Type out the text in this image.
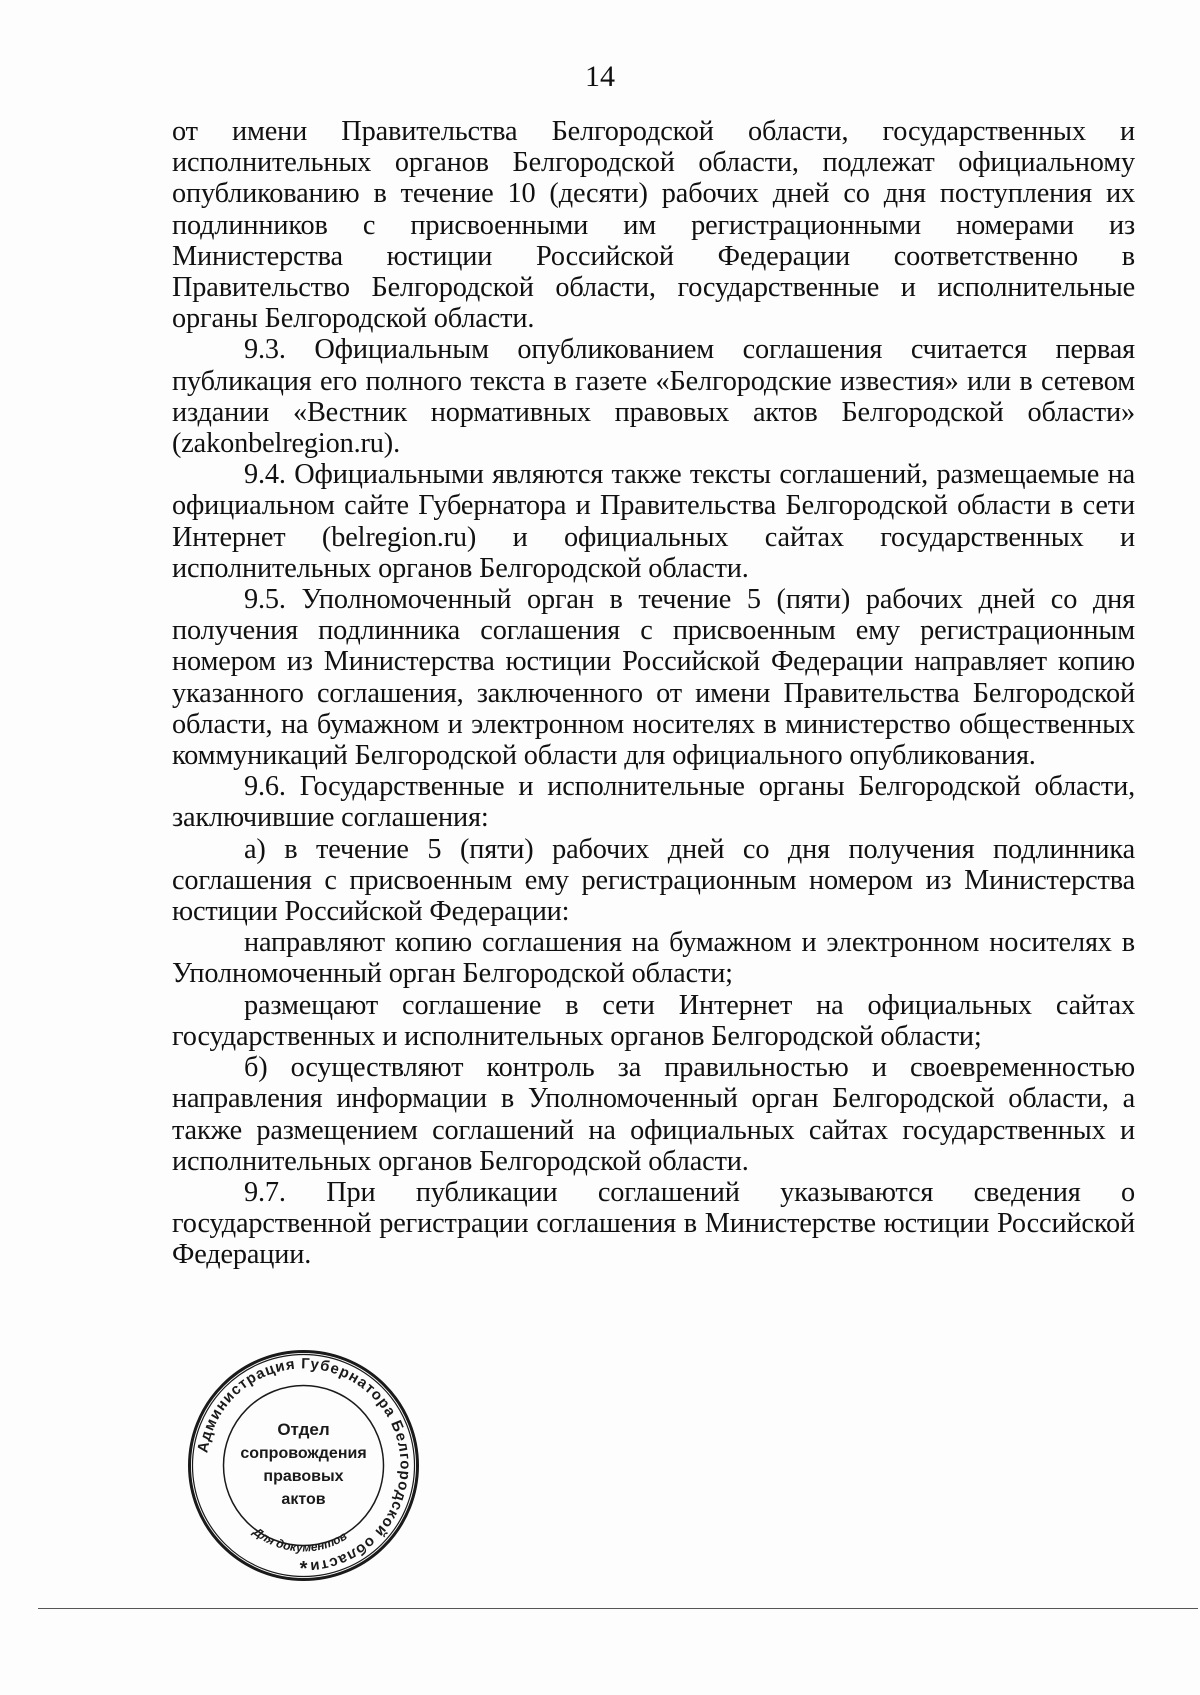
14

от имени Правительства Белгородской области, государственных и исполнительных органов Белгородской области, подлежат официальному опубликованию в течение 10 (десяти) рабочих дней со дня поступления их подлинников с присвоенными им регистрационными номерами из Министерства юстиции Российской Федерации соответственно в Правительство Белгородской области, государственные и исполнительные органы Белгородской области.

9.3. Официальным опубликованием соглашения считается первая публикация его полного текста в газете «Белгородские известия» или в сетевом издании «Вестник нормативных правовых актов Белгородской области» (zakonbelregion.ru).

9.4. Официальными являются также тексты соглашений, размещаемые на официальном сайте Губернатора и Правительства Белгородской области в сети Интернет (belregion.ru) и официальных сайтах государственных и исполнительных органов Белгородской области.

9.5. Уполномоченный орган в течение 5 (пяти) рабочих дней со дня получения подлинника соглашения с присвоенным ему регистрационным номером из Министерства юстиции Российской Федерации направляет копию указанного соглашения, заключенного от имени Правительства Белгородской области, на бумажном и электронном носителях в министерство общественных коммуникаций Белгородской области для официального опубликования.

9.6. Государственные и исполнительные органы Белгородской области, заключившие соглашения:

а) в течение 5 (пяти) рабочих дней со дня получения подлинника соглашения с присвоенным ему регистрационным номером из Министерства юстиции Российской Федерации:

направляют копию соглашения на бумажном и электронном носителях в Уполномоченный орган Белгородской области;

размещают соглашение в сети Интернет на официальных сайтах государственных и исполнительных органов Белгородской области;

б) осуществляют контроль за правильностью и своевременностью направления информации в Уполномоченный орган Белгородской области, а также размещением соглашений на официальных сайтах государственных и исполнительных органов Белгородской области.

9.7. При публикации соглашений указываются сведения о государственной регистрации соглашения в Министерстве юстиции Российской Федерации.

Администрация Губернатора Белгородской области
Для документов
Отдел
сопровождения
правовых
актов
*
